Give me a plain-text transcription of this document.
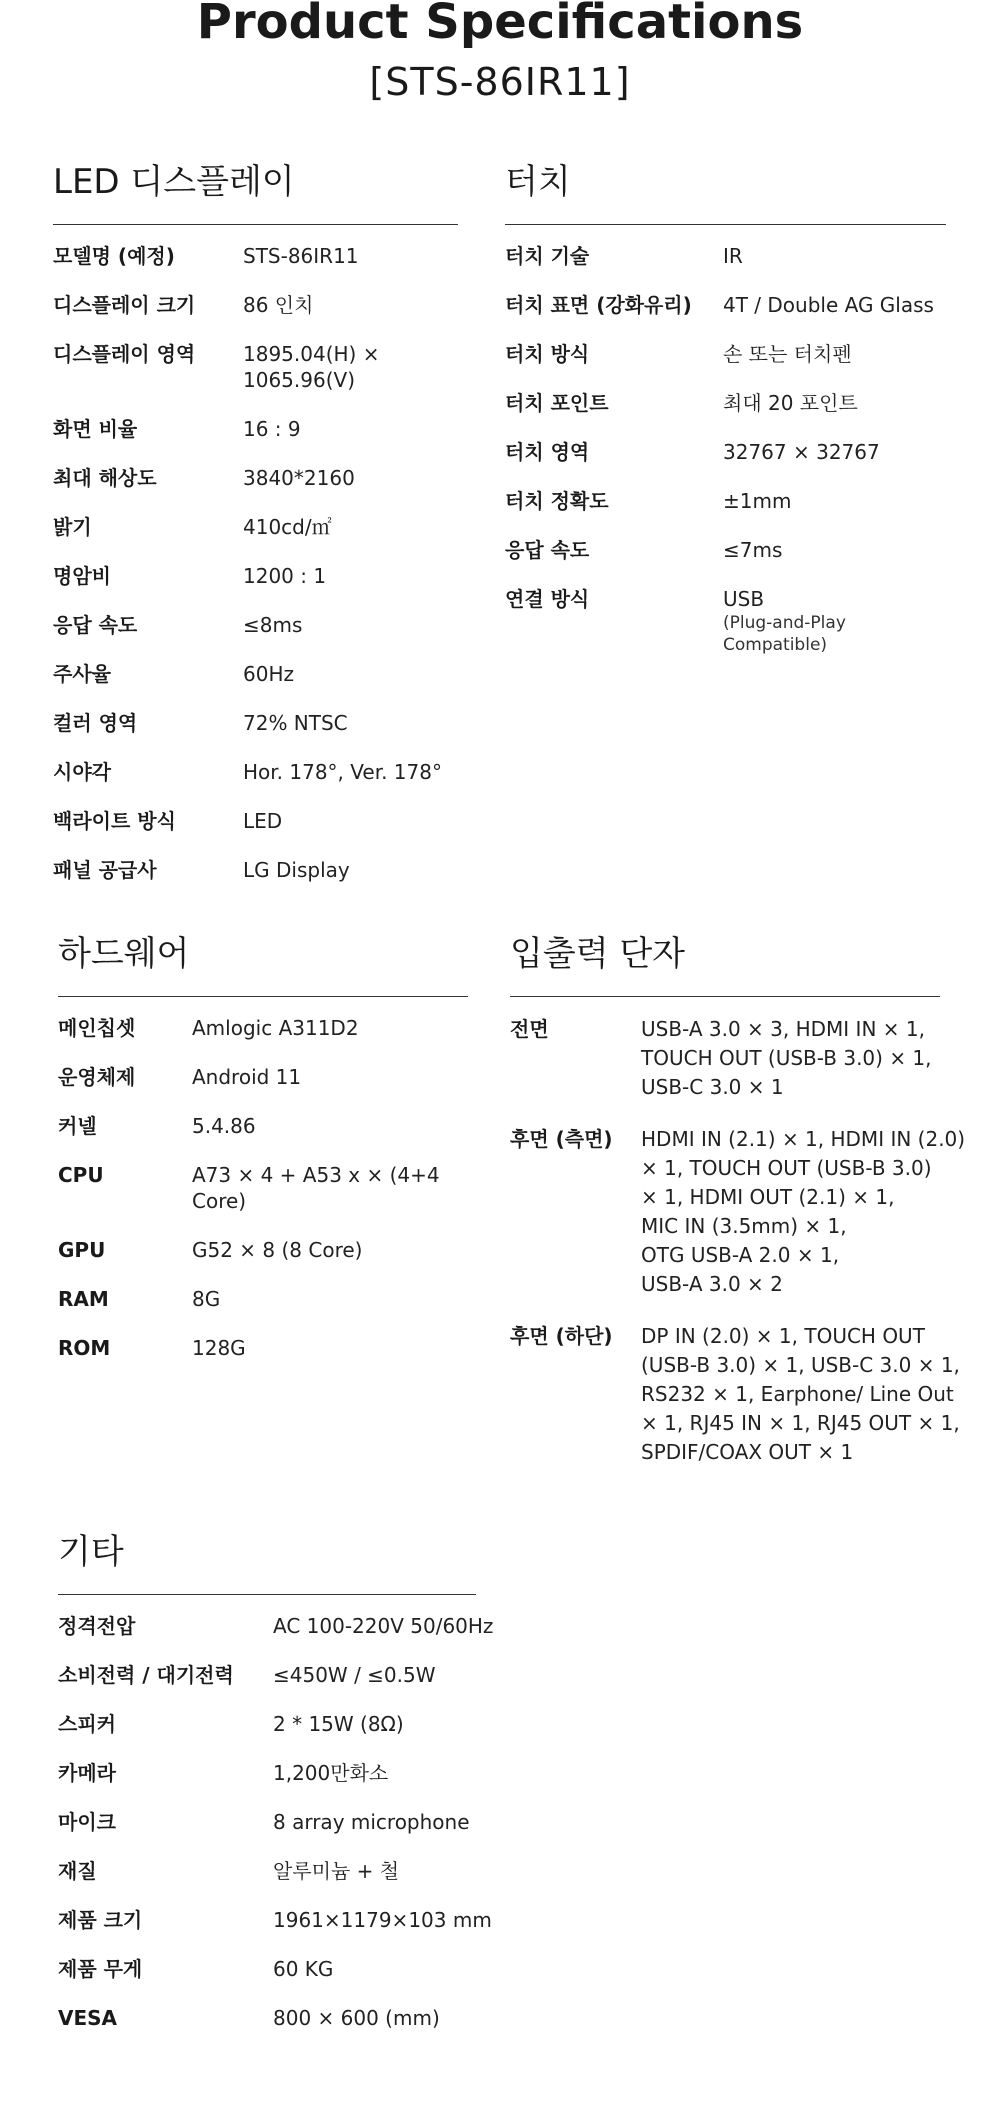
Product Specifications
[STS-86IR11]
LED 디스플레이
모델명 (예정)	STS-86IR11
디스플레이 크기	86 인치
디스플레이 영역	1895.04(H) × 1065.96(V)
화면 비율	16 : 9
최대 해상도	3840*2160
밝기	410cd/㎡
명암비	1200 : 1
응답 속도	≤8ms
주사율	60Hz
컬러 영역	72% NTSC
시야각	Hor. 178°, Ver. 178°
백라이트 방식	LED
패널 공급사	LG Display
터치
터치 기술	IR
터치 표면 (강화유리)	4T / Double AG Glass
터치 방식	손 또는 터치펜
터치 포인트	최대 20 포인트
터치 영역	32767 × 32767
터치 정확도	±1mm
응답 속도	≤7ms
연결 방식	USB
(Plug-and-Play Compatible)
하드웨어
메인칩셋	Amlogic A311D2
운영체제	Android 11
커넬	5.4.86
CPU	A73 × 4 + A53 x × (4+4 Core)
GPU	G52 × 8 (8 Core)
RAM	8G
ROM	128G
입출력 단자
전면	USB-A 3.0 × 3, HDMI IN × 1,
TOUCH OUT (USB-B 3.0) × 1,
USB-C 3.0 × 1
후면 (측면)	HDMI IN (2.1) × 1, HDMI IN (2.0)
× 1, TOUCH OUT (USB-B 3.0)
× 1, HDMI OUT (2.1) × 1,
MIC IN (3.5mm) × 1,
OTG USB-A 2.0 × 1,
USB-A 3.0 × 2
후면 (하단)	DP IN (2.0) × 1, TOUCH OUT
(USB-B 3.0) × 1, USB-C 3.0 × 1,
RS232 × 1, Earphone/ Line Out
× 1, RJ45 IN × 1, RJ45 OUT × 1,
SPDIF/COAX OUT × 1
기타
정격전압	AC 100-220V 50/60Hz
소비전력 / 대기전력	≤450W / ≤0.5W
스피커	2 * 15W (8Ω)
카메라	1,200만화소
마이크	8 array microphone
재질	알루미늄 + 철
제품 크기	1961×1179×103 mm
제품 무게	60 KG
VESA	800 × 600 (mm)
